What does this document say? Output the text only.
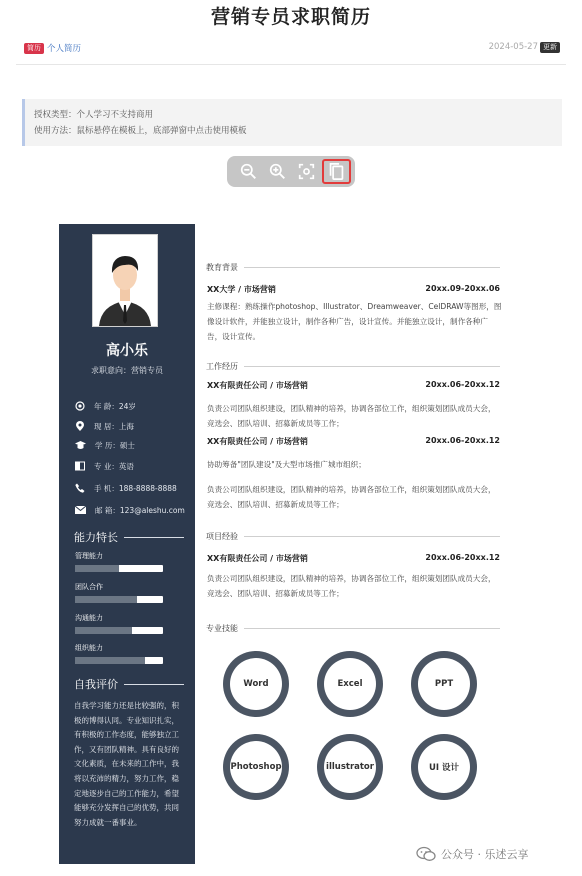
营销专员求职简历
简历 个人简历	2024-05-27 更新
授权类型：个人学习不支持商用
使用方法：鼠标悬停在模板上，底部弹窗中点击使用模板
高小乐
求职意向：营销专员
年 龄：24岁
现 居：上海
学 历：硕士
专 业：英语
手 机：188-8888-8888
邮 箱：123@aleshu.com
能力特长
管理能力
团队合作
沟通能力
组织能力
自我评价
自我学习能力还是比较强的，积极的博得认同。专业知识扎实，有积极的工作态度，能够独立工作，又有团队精神。具有良好的文化素质，在未来的工作中，我将以充沛的精力，努力工作，稳定地逐步自己的工作能力，希望能够充分发挥自己的优势，共同努力成就一番事业。
教育背景
XX大学 / 市场营销	20xx.09-20xx.06
主修课程：熟练操作photoshop、Illustrator、Dreamweaver、CelDRAW等图形，图像设计软件，并能独立设计，制作各种广告，设计宣传。并能独立设计，制作各种广告，设计宣传。
工作经历
XX有限责任公司 / 市场营销	20xx.06-20xx.12
负责公司团队组织建设，团队精神的培养，协调各部位工作，组织策划团队成员大会，竞选会、团队培训、招募新成员等工作；
XX有限责任公司 / 市场营销	20xx.06-20xx.12
协助筹备"团队建设"及大型市场推广城市组织；
负责公司团队组织建设，团队精神的培养，协调各部位工作，组织策划团队成员大会，竞选会、团队培训、招募新成员等工作；
项目经验
XX有限责任公司 / 市场营销	20xx.06-20xx.12
负责公司团队组织建设，团队精神的培养，协调各部位工作，组织策划团队成员大会，竞选会、团队培训、招募新成员等工作；
专业技能
Word	Excel	PPT
Photoshop	illustrator	UI 设计
公众号 · 乐述云享
